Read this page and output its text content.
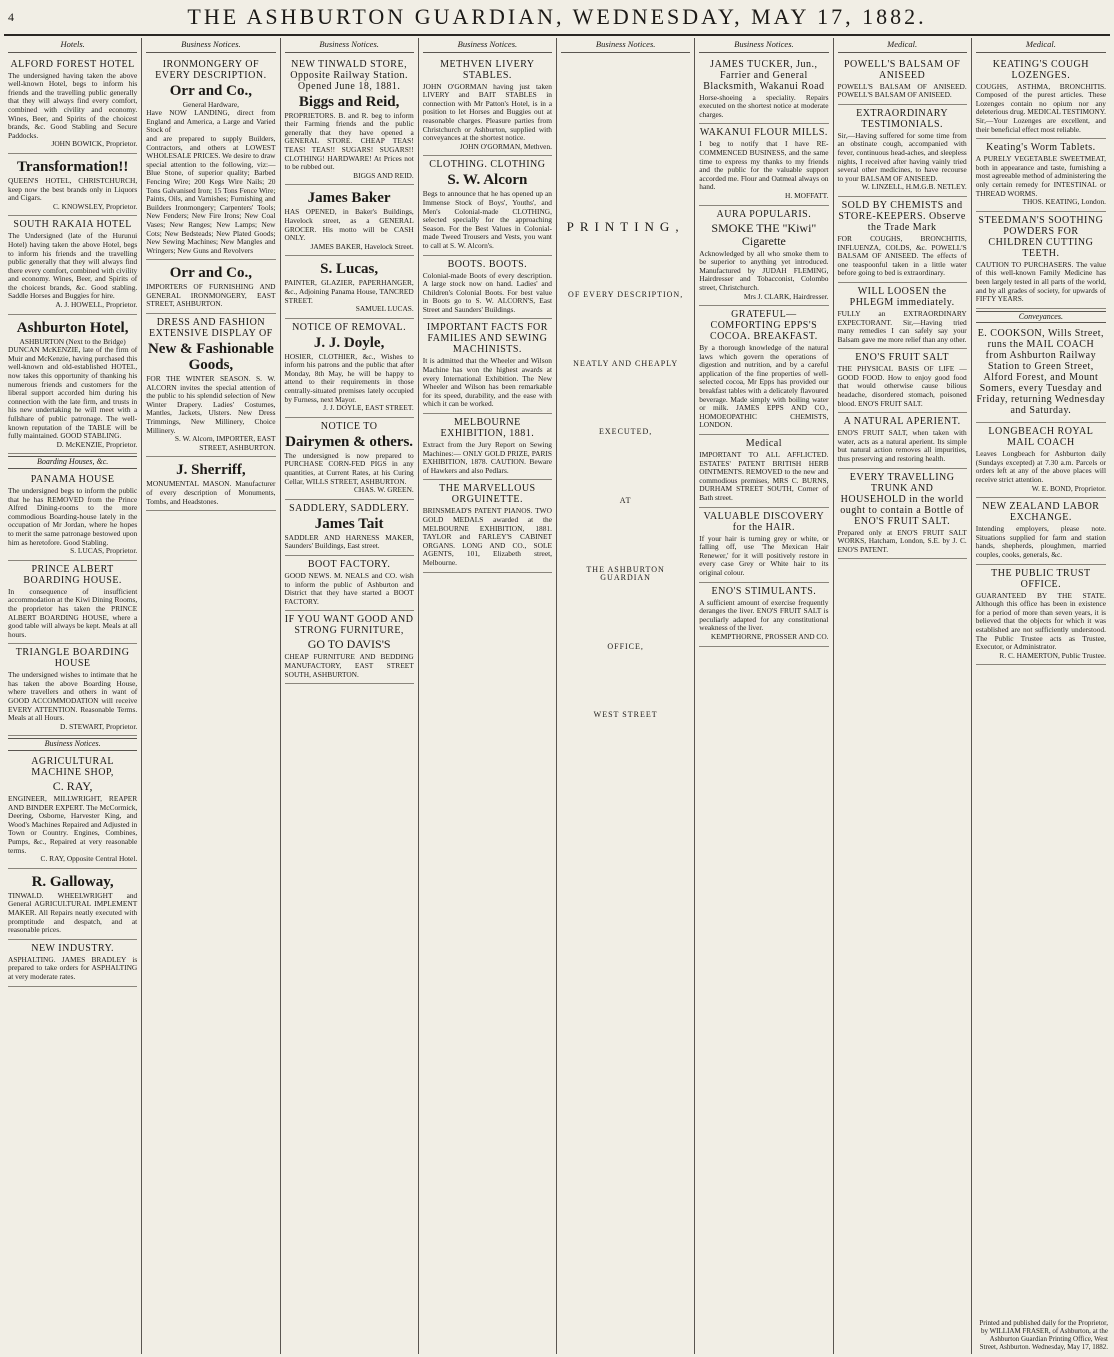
4	THE ASHBURTON GUARDIAN, WEDNESDAY, MAY 17, 1882.
Hotels.
ALFORD FOREST HOTEL
The undersigned having taken the above well-known Hotel, begs to inform his friends and the travelling public generally that they will always find every comfort, combined with civility and economy. Wines, Beer, and Spirits of the choicest brands, &c. Good Stabling and Secure Paddocks.
JOHN BOWICK, Proprietor.
Transformation!!
QUEEN'S HOTEL, CHRISTCHURCH, keep now the best brands only in Liquors and Cigars.
C. KNOWSLEY, Proprietor.
SOUTH RAKAIA HOTEL
The Undersigned (late of the Hurunui Hotel) having taken the above Hotel, begs to inform his friends and the travelling public generally that they will always find there every comfort, combined with civility and economy. Wines, Beer, and Spirits of the choicest brands, &c. Good stabling. Saddle Horses and Buggies for hire.
A. J. HOWELL, Proprietor.
Ashburton Hotel,
ASHBURTON (Next to the Bridge)
DUNCAN McKENZIE, late of the firm of Muir and McKenzie, having purchased this well-known and old-established HOTEL, now takes this opportunity of thanking his numerous friends and customers for the liberal support accorded him during his connection with the late firm, and trusts in his new undertaking he will meet with a fullshare of public patronage. The well-known reputation of the TABLE will be fully maintained. GOOD STABLING.
D. McKENZIE, Proprietor.
Boarding Houses, &c.
PANAMA HOUSE
The undersigned begs to inform the public that he has REMOVED from the Prince Alfred Dining-rooms to the more commodious Boarding-house lately in the occupation of Mr Jordan, where he hopes to merit the same patronage bestowed upon him as heretofore. Good Stabling.
S. LUCAS, Proprietor.
PRINCE ALBERT BOARDING HOUSE.
In consequence of insufficient accommodation at the Kiwi Dining Rooms, the proprietor has taken the PRINCE ALBERT BOARDING HOUSE, where a good table will always be kept. Meals at all hours.
TRIANGLE BOARDING HOUSE
The undersigned wishes to intimate that he has taken the above Boarding House, where travellers and others in want of GOOD ACCOMMODATION will receive EVERY ATTENTION. Reasonable Terms. Meals at all Hours.
D. STEWART, Proprietor.
Business Notices.
AGRICULTURAL MACHINE SHOP,
C. RAY,
ENGINEER, MILLWRIGHT, REAPER AND BINDER EXPERT. The McCormick, Deering, Osborne, Harvester King, and Wood's Machines Repaired and Adjusted in Town or Country. Engines, Combines, Pumps, &c., Repaired at very reasonable terms.
C. RAY, Opposite Central Hotel.
R. Galloway,
TINWALD. WHEELWRIGHT and General AGRICULTURAL IMPLEMENT MAKER. All Repairs neatly executed with promptitude and despatch, and at reasonable prices.
NEW INDUSTRY.
ASPHALTING. JAMES BRADLEY is prepared to take orders for ASPHALTING at very moderate rates.
Business Notices.
IRONMONGERY OF EVERY DESCRIPTION.
Orr and Co.,
General Hardware,
Have NOW LANDING, direct from England and America, a Large and Varied Stock of
and are prepared to supply Builders, Contractors, and others at LOWEST WHOLESALE PRICES. We desire to draw special attention to the following, viz:— Blue Stone, of superior quality; Barbed Fencing Wire; 200 Kegs Wire Nails; 20 Tons Galvanised Iron; 15 Tons Fence Wire; Paints, Oils, and Varnishes; Furnishing and Builders Ironmongery; Carpenters' Tools; New Fenders; New Fire Irons; New Coal Vases; New Ranges; New Lamps; New Cots; New Bedsteads; New Plated Goods; New Sewing Machines; New Mangles and Wringers; New Guns and Revolvers
Orr and Co.,
IMPORTERS OF FURNISHING AND GENERAL IRONMONGERY, EAST STREET, ASHBURTON.
DRESS AND FASHION EXTENSIVE DISPLAY OF
New & Fashionable Goods,
FOR THE WINTER SEASON. S. W. ALCORN invites the special attention of the public to his splendid selection of New Winter Drapery. Ladies' Costumes, Mantles, Jackets, Ulsters. New Dress Trimmings, New Millinery, Choice Millinery.
S. W. Alcorn, IMPORTER, EAST STREET, ASHBURTON.
J. Sherriff,
MONUMENTAL MASON. Manufacturer of every description of Monuments, Tombs, and Headstones.
Business Notices.
NEW TINWALD STORE, Opposite Railway Station. Opened June 18, 1881.
Biggs and Reid,
PROPRIETORS. B. and R. beg to inform their Farming friends and the public generally that they have opened a GENERAL STORE. CHEAP TEAS! TEAS! TEAS!! SUGARS! SUGARS!! CLOTHING! HARDWARE! At Prices not to be rubbed out.
BIGGS AND REID.
James Baker
HAS OPENED, in Baker's Buildings, Havelock street, as a GENERAL GROCER. His motto will be CASH ONLY.
JAMES BAKER, Havelock Street.
S. Lucas,
PAINTER, GLAZIER, PAPERHANGER, &c., Adjoining Panama House, TANCRED STREET.
SAMUEL LUCAS.
NOTICE OF REMOVAL.
J. J. Doyle,
HOSIER, CLOTHIER, &c., Wishes to inform his patrons and the public that after Monday, 8th May, he will be happy to attend to their requirements in those centrally-situated premises lately occupied by Furness, next Mayor.
J. J. DOYLE, EAST STREET.
NOTICE TO
Dairymen & others.
The undersigned is now prepared to PURCHASE CORN-FED PIGS in any quantities, at Current Rates, at his Curing Cellar, WILLS STREET, ASHBURTON.
CHAS. W. GREEN.
SADDLERY, SADDLERY.
James Tait
SADDLER AND HARNESS MAKER, Saunders' Buildings, East street.
BOOT FACTORY.
GOOD NEWS. M. NEALS and CO. wish to inform the public of Ashburton and District that they have started a BOOT FACTORY.
IF YOU WANT GOOD AND STRONG FURNITURE,
GO TO DAVIS'S
CHEAP FURNITURE AND BEDDING MANUFACTORY, EAST STREET SOUTH, ASHBURTON.
Business Notices.
METHVEN LIVERY STABLES.
JOHN O'GORMAN having just taken LIVERY and BAIT STABLES in connection with Mr Patton's Hotel, is in a position to let Horses and Buggies out at reasonable charges. Pleasure parties from Christchurch or Ashburton, supplied with conveyances at the shortest notice.
JOHN O'GORMAN, Methven.
CLOTHING. CLOTHING
S. W. Alcorn
Begs to announce that he has opened up an Immense Stock of Boys', Youths', and Men's Colonial-made CLOTHING, selected specially for the approaching Season. For the Best Values in Colonial-made Tweed Trousers and Vests, you want to call at S. W. Alcorn's.
BOOTS. BOOTS.
Colonial-made Boots of every description. A large stock now on hand. Ladies' and Children's Colonial Boots. For best value in Boots go to S. W. ALCORN'S, East Street and Saunders' Buildings.
IMPORTANT FACTS FOR FAMILIES AND SEWING MACHINISTS.
It is admitted that the Wheeler and Wilson Machine has won the highest awards at every International Exhibition. The New Wheeler and Wilson has been remarkable for its speed, durability, and the ease with which it can be worked.
MELBOURNE EXHIBITION, 1881.
Extract from the Jury Report on Sewing Machines:— ONLY GOLD PRIZE, PARIS EXHIBITION, 1878. CAUTION. Beware of Hawkers and also Pedlars.
THE MARVELLOUS ORGUINETTE.
BRINSMEAD'S PATENT PIANOS. TWO GOLD MEDALS awarded at the MELBOURNE EXHIBITION, 1881. TAYLOR and FARLEY'S CABINET ORGANS. LONG AND CO., SOLE AGENTS, 101, Elizabeth street, Melbourne.
Business Notices.
PRINTING,

OF EVERY DESCRIPTION,

NEATLY AND CHEAPLY

EXECUTED,

AT

THE ASHBURTON GUARDIAN

OFFICE,

WEST STREET

Business Notices.
JAMES TUCKER, Jun., Farrier and General Blacksmith, Wakanui Road
Horse-shoeing a speciality. Repairs executed on the shortest notice at moderate charges.
WAKANUI FLOUR MILLS.
I beg to notify that I have RE-COMMENCED BUSINESS, and the same time to express my thanks to my friends and the public for the valuable support accorded me. Flour and Oatmeal always on hand.
H. MOFFATT.
AURA POPULARIS.
SMOKE THE "Kiwi" Cigarette
Acknowledged by all who smoke them to be superior to anything yet introduced. Manufactured by JUDAH FLEMING, Hairdresser and Tobacconist, Colombo street, Christchurch.
Mrs J. CLARK, Hairdresser.
GRATEFUL—COMFORTING EPPS'S COCOA. BREAKFAST.
By a thorough knowledge of the natural laws which govern the operations of digestion and nutrition, and by a careful application of the fine properties of well-selected cocoa, Mr Epps has provided our breakfast tables with a delicately flavoured beverage. Made simply with boiling water or milk. JAMES EPPS AND CO., HOMOEOPATHIC CHEMISTS, LONDON.
Medical
IMPORTANT TO ALL AFFLICTED. ESTATES' PATENT BRITISH HERB OINTMENTS. REMOVED to the new and commodious premises, MRS C. BURNS, DURHAM STREET SOUTH, Corner of Bath street.
VALUABLE DISCOVERY for the HAIR.
If your hair is turning grey or white, or falling off, use 'The Mexican Hair Renewer,' for it will positively restore in every case Grey or White hair to its original colour.
ENO'S STIMULANTS.
A sufficient amount of exercise frequently deranges the liver. ENO'S FRUIT SALT is peculiarly adapted for any constitutional weakness of the liver.
KEMPTHORNE, PROSSER AND CO.
Medical.
POWELL'S BALSAM OF ANISEED
POWELL'S BALSAM OF ANISEED. POWELL'S BALSAM OF ANISEED.
EXTRAORDINARY TESTIMONIALS.
Sir,—Having suffered for some time from an obstinate cough, accompanied with fever, continuous head-aches, and sleepless nights, I received after having vainly tried several other medicines, to have recourse to your BALSAM OF ANISEED.
W. LINZELL, H.M.G.B. NETLEY.
SOLD BY CHEMISTS and STORE-KEEPERS. Observe the Trade Mark
FOR COUGHS, BRONCHITIS, INFLUENZA, COLDS, &c. POWELL'S BALSAM OF ANISEED. The effects of one teaspoonful taken in a little water before going to bed is extraordinary.
WILL LOOSEN the PHLEGM immediately.
FULLY an EXTRAORDINARY EXPECTORANT. Sir,—Having tried many remedies I can safely say your Balsam gave me more relief than any other.
ENO'S FRUIT SALT
THE PHYSICAL BASIS OF LIFE — GOOD FOOD. How to enjoy good food that would otherwise cause bilious headache, disordered stomach, poisoned blood. ENO'S FRUIT SALT.
A NATURAL APERIENT.
ENO'S FRUIT SALT, when taken with water, acts as a natural aperient. Its simple but natural action removes all impurities, thus preserving and restoring health.
EVERY TRAVELLING TRUNK AND HOUSEHOLD in the world ought to contain a Bottle of ENO'S FRUIT SALT.
Prepared only at ENO'S FRUIT SALT WORKS, Hatcham, London, S.E. by J. C. ENO'S PATENT.
Medical.
KEATING'S COUGH LOZENGES.
COUGHS, ASTHMA, BRONCHITIS. Composed of the purest articles. These Lozenges contain no opium nor any deleterious drug. MEDICAL TESTIMONY. Sir,—Your Lozenges are excellent, and their beneficial effect most reliable.
Keating's Worm Tablets.
A PURELY VEGETABLE SWEETMEAT, both in appearance and taste, furnishing a most agreeable method of administering the only certain remedy for INTESTINAL or THREAD WORMS.
THOS. KEATING, London.
STEEDMAN'S SOOTHING POWDERS FOR CHILDREN CUTTING TEETH.
CAUTION TO PURCHASERS. The value of this well-known Family Medicine has been largely tested in all parts of the world, and by all grades of society, for upwards of FIFTY YEARS.
Conveyances.
E. COOKSON, Wills Street, runs the MAIL COACH from Ashburton Railway Station to Green Street, Alford Forest, and Mount Somers, every Tuesday and Friday, returning Wednesday and Saturday.
LONGBEACH ROYAL MAIL COACH
Leaves Longbeach for Ashburton daily (Sundays excepted) at 7.30 a.m. Parcels or orders left at any of the above places will receive strict attention.
W. E. BOND, Proprietor.
NEW ZEALAND LABOR EXCHANGE.
Intending employers, please note. Situations supplied for farm and station hands, shepherds, ploughmen, married couples, cooks, generals, &c.
THE PUBLIC TRUST OFFICE.
GUARANTEED BY THE STATE. Although this office has been in existence for a period of more than seven years, it is believed that the objects for which it was established are not sufficiently understood. The Public Trustee acts as Trustee, Executor, or Administrator.
R. C. HAMERTON, Public Trustee.
Printed and published daily for the Proprietor, by WILLIAM FRASER, of Ashburton, at the Ashburton Guardian Printing Office, West Street, Ashburton. Wednesday, May 17, 1882.
